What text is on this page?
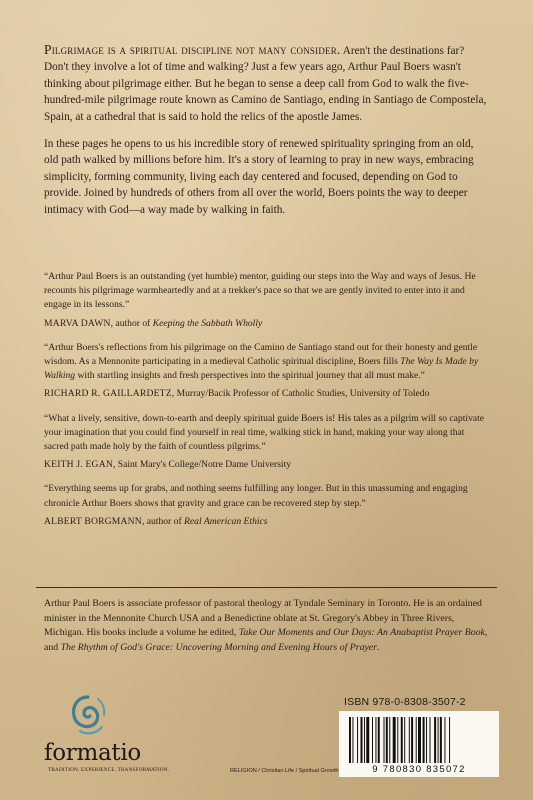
Pilgrimage is a spiritual discipline not many consider. Aren't the destinations far? Don't they involve a lot of time and walking? Just a few years ago, Arthur Paul Boers wasn't thinking about pilgrimage either. But he began to sense a deep call from God to walk the five-hundred-mile pilgrimage route known as Camino de Santiago, ending in Santiago de Compostela, Spain, at a cathedral that is said to hold the relics of the apostle James.

In these pages he opens to us his incredible story of renewed spirituality springing from an old, old path walked by millions before him. It's a story of learning to pray in new ways, embracing simplicity, forming community, living each day centered and focused, depending on God to provide. Joined by hundreds of others from all over the world, Boers points the way to deeper intimacy with God—a way made by walking in faith.

“Arthur Paul Boers is an outstanding (yet humble) mentor, guiding our steps into the Way and ways of Jesus. He recounts his pilgrimage warmheartedly and at a trekker's pace so that we are gently invited to enter into it and engage in its lessons.”

MARVA DAWN, author of Keeping the Sabbath Wholly

“Arthur Boers's reflections from his pilgrimage on the Camino de Santiago stand out for their honesty and gentle wisdom. As a Mennonite participating in a medieval Catholic spiritual discipline, Boers fills The Way Is Made by Walking with startling insights and fresh perspectives into the spiritual journey that all must make.”

RICHARD R. GAILLARDETZ, Murray/Bacik Professor of Catholic Studies, University of Toledo

“What a lively, sensitive, down-to-earth and deeply spiritual guide Boers is! His tales as a pilgrim will so captivate your imagination that you could find yourself in real time, walking stick in hand, making your way along that sacred path made holy by the faith of countless pilgrims.”

KEITH J. EGAN, Saint Mary's College/Notre Dame University

“Everything seems up for grabs, and nothing seems fulfilling any longer. But in this unassuming and engaging chronicle Arthur Boers shows that gravity and grace can be recovered step by step.”

ALBERT BORGMANN, author of Real American Ethics
Arthur Paul Boers is associate professor of pastoral theology at Tyndale Seminary in Toronto. He is an ordained minister in the Mennonite Church USA and a Benedictine oblate at St. Gregory's Abbey in Three Rivers, Michigan. His books include a volume he edited, Take Our Moments and Our Days: An Anabaptist Prayer Book, and The Rhythm of God's Grace: Uncovering Morning and Evening Hours of Prayer.
formatio
TRADITION. EXPERIENCE. TRANSFORMATION.	RELIGION / Christian Life / Spiritual Growth
ISBN 978-0-8308-3507-2
9 780830 835072
